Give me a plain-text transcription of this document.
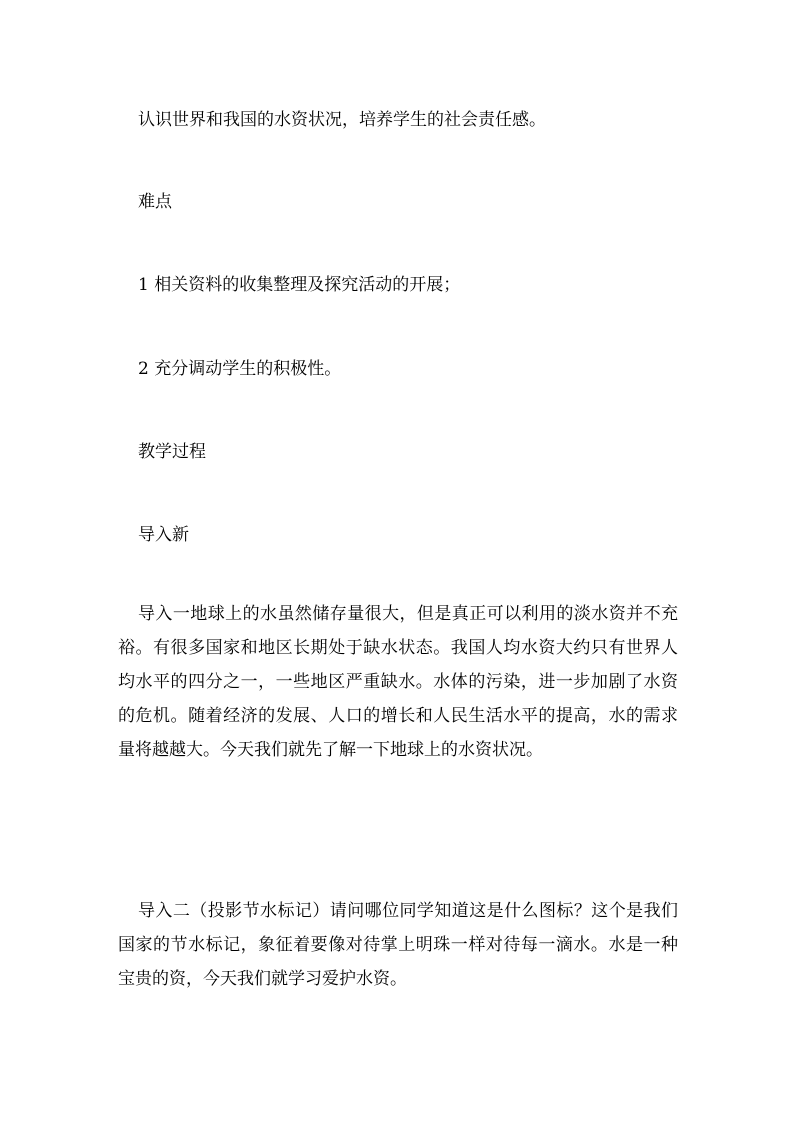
认识世界和我国的水资状况，培养学生的社会责任感。
难点
1 相关资料的收集整理及探究活动的开展；
2 充分调动学生的积极性。
教学过程
导入新
导入一地球上的水虽然储存量很大，但是真正可以利用的淡水资并不充裕。有很多国家和地区长期处于缺水状态。我国人均水资大约只有世界人均水平的四分之一，一些地区严重缺水。水体的污染，进一步加剧了水资的危机。随着经济的发展、人口的增长和人民生活水平的提高，水的需求量将越越大。今天我们就先了解一下地球上的水资状况。
导入二（投影节水标记）请问哪位同学知道这是什么图标？这个是我们国家的节水标记，象征着要像对待掌上明珠一样对待每一滴水。水是一种宝贵的资，今天我们就学习爱护水资。
